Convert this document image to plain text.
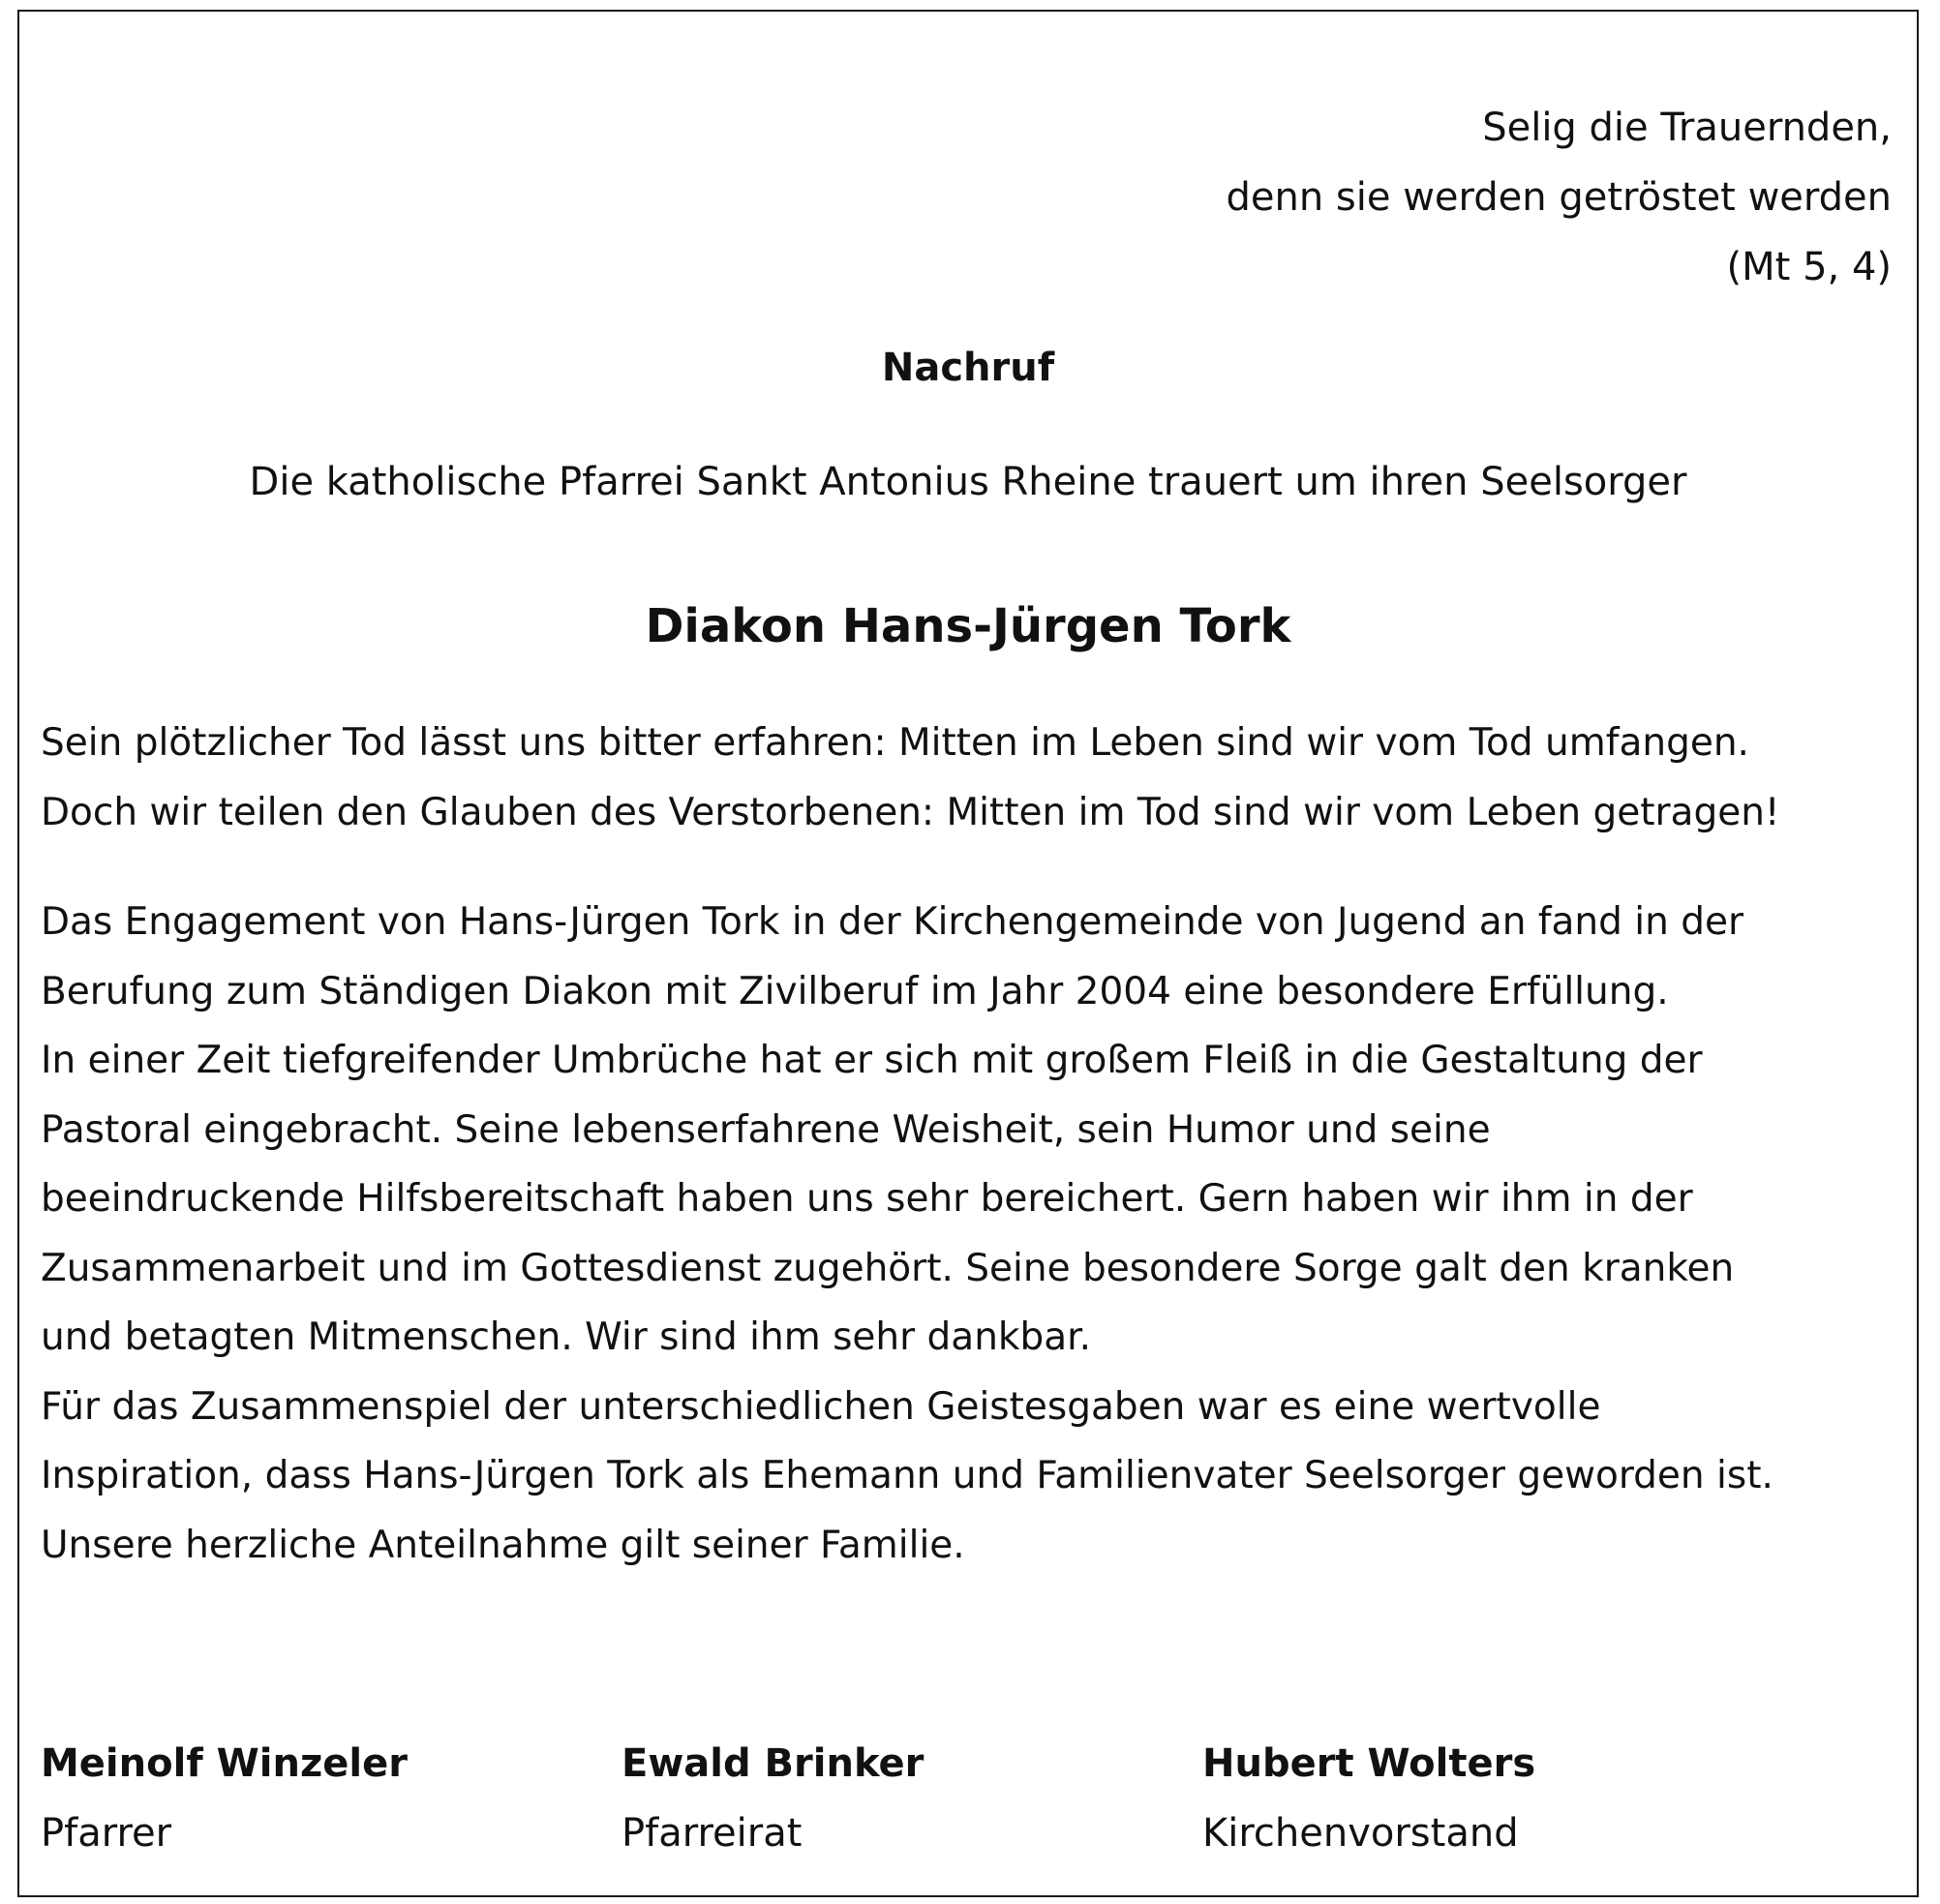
Selig die Trauernden,
denn sie werden getröstet werden
(Mt 5, 4)
Nachruf
Die katholische Pfarrei Sankt Antonius Rheine trauert um ihren Seelsorger
Diakon Hans-Jürgen Tork
Sein plötzlicher Tod lässt uns bitter erfahren: Mitten im Leben sind wir vom Tod umfangen.
Doch wir teilen den Glauben des Verstorbenen: Mitten im Tod sind wir vom Leben getragen!
Das Engagement von Hans-Jürgen Tork in der Kirchengemeinde von Jugend an fand in der
Berufung zum Ständigen Diakon mit Zivilberuf im Jahr 2004 eine besondere Erfüllung.
In einer Zeit tiefgreifender Umbrüche hat er sich mit großem Fleiß in die Gestaltung der
Pastoral eingebracht. Seine lebenserfahrene Weisheit, sein Humor und seine
beeindruckende Hilfsbereitschaft haben uns sehr bereichert. Gern haben wir ihm in der
Zusammenarbeit und im Gottesdienst zugehört. Seine besondere Sorge galt den kranken
und betagten Mitmenschen. Wir sind ihm sehr dankbar.
Für das Zusammenspiel der unterschiedlichen Geistesgaben war es eine wertvolle
Inspiration, dass Hans-Jürgen Tork als Ehemann und Familienvater Seelsorger geworden ist.
Unsere herzliche Anteilnahme gilt seiner Familie.
Meinolf Winzeler
Pfarrer
Ewald Brinker
Pfarreirat
Hubert Wolters
Kirchenvorstand
